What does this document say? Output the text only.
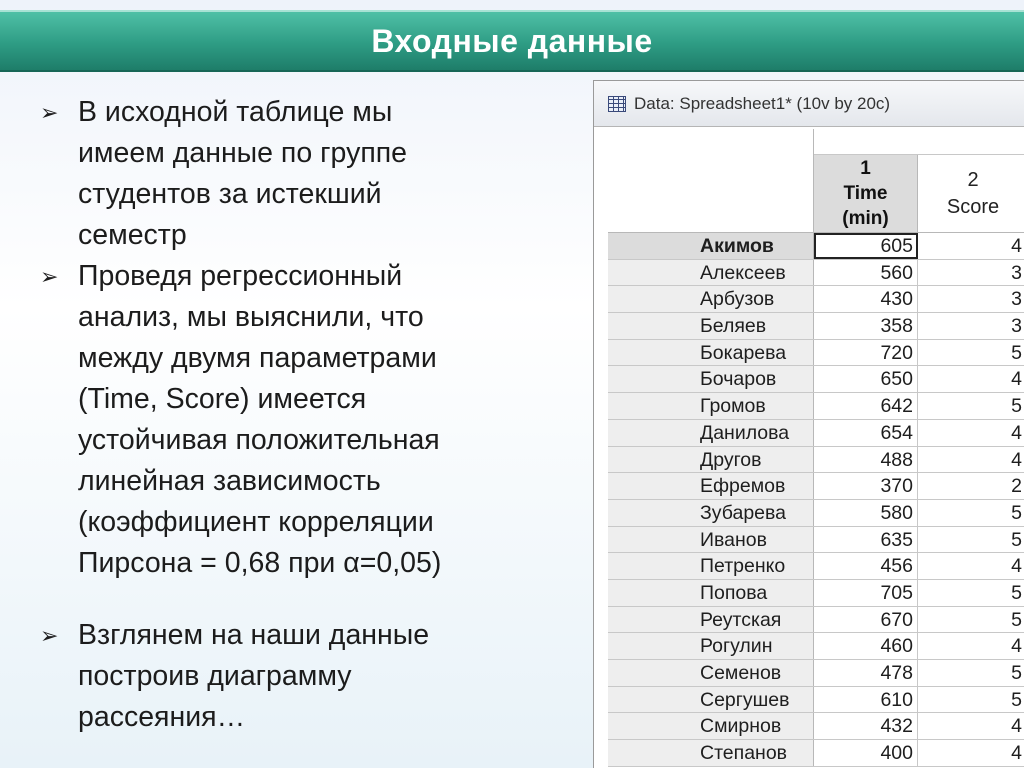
Входные данные
➢ В исходной таблице мы
имеем данные по группе
студентов за истекший
семестр
➢ Проведя регрессионный
анализ, мы выяснили, что
между двумя параметрами
(Time, Score) имеется
устойчивая положительная
линейная зависимость
(коэффициент корреляции
Пирсона = 0,68 при α=0,05)
➢ Взглянем на наши данные
построив диаграмму
рассеяния…
Data: Spreadsheet1* (10v by 20c)
1
Time
(min)
2
Score
Акимов	605	4
Алексеев	560	3
Арбузов	430	3
Беляев	358	3
Бокарева	720	5
Бочаров	650	4
Громов	642	5
Данилова	654	4
Другов	488	4
Ефремов	370	2
Зубарева	580	5
Иванов	635	5
Петренко	456	4
Попова	705	5
Реутская	670	5
Рогулин	460	4
Семенов	478	5
Сергушев	610	5
Смирнов	432	4
Степанов	400	4
